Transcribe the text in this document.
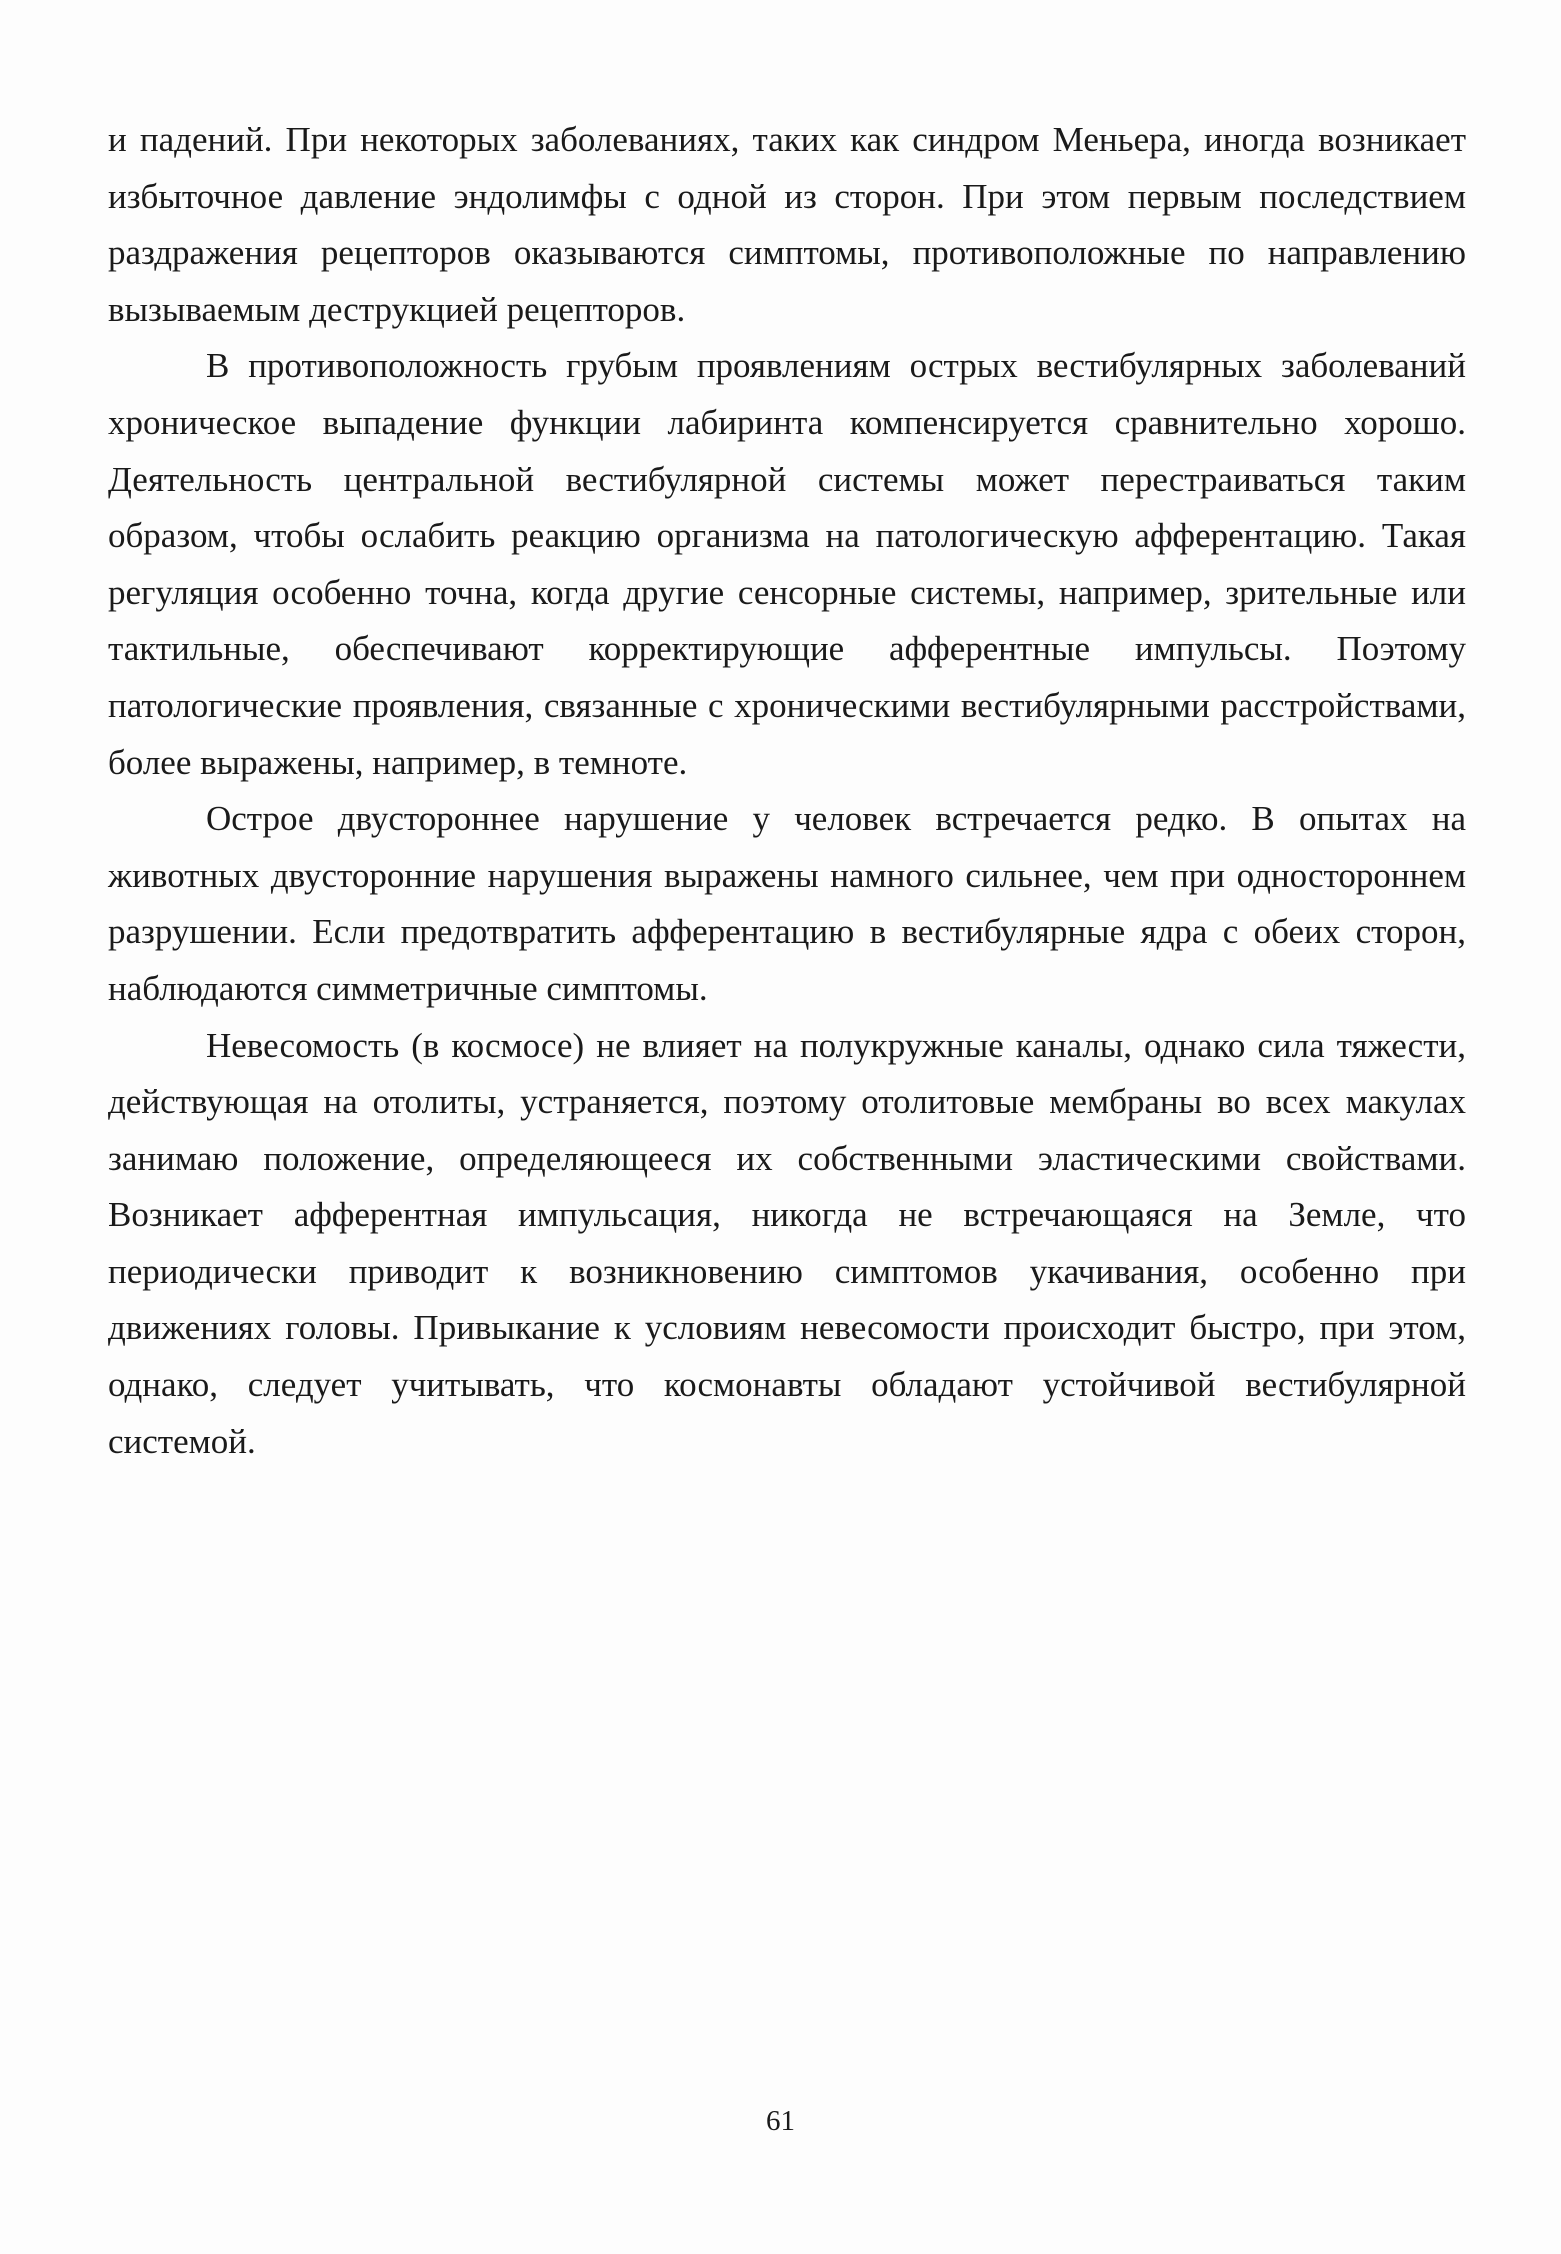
и падений. При некоторых заболеваниях, таких как синдром Меньера, иногда возникает избыточное давление эндолимфы с одной из сторон. При этом первым последствием раздражения рецепторов оказываются симптомы, противоположные по направлению вызываемым деструкцией рецепторов.

В противоположность грубым проявлениям острых вестибулярных заболеваний хроническое выпадение функции лабиринта компенсируется сравнительно хорошо. Деятельность центральной вестибулярной системы может перестраиваться таким образом, чтобы ослабить реакцию организма на патологическую афферентацию. Такая регуляция особенно точна, когда другие сенсорные системы, например, зрительные или тактильные, обеспечивают корректирующие афферентные импульсы. Поэтому патологические проявления, связанные с хроническими вестибулярными расстройствами, более выражены, например, в темноте.

Острое двустороннее нарушение у человек встречается редко. В опытах на животных двусторонние нарушения выражены намного сильнее, чем при одностороннем разрушении. Если предотвратить афферентацию в вестибулярные ядра с обеих сторон, наблюдаются симметричные симптомы.

Невесомость (в космосе) не влияет на полукружные каналы, однако сила тяжести, действующая на отолиты, устраняется, поэтому отолитовые мембраны во всех макулах занимаю положение, определяющееся их собственными эластическими свойствами. Возникает афферентная импульсация, никогда не встречающаяся на Земле, что периодически приводит к возникновению симптомов укачивания, особенно при движениях головы. Привыкание к условиям невесомости происходит быстро, при этом, однако, следует учитывать, что космонавты обладают устойчивой вестибулярной системой.

61
